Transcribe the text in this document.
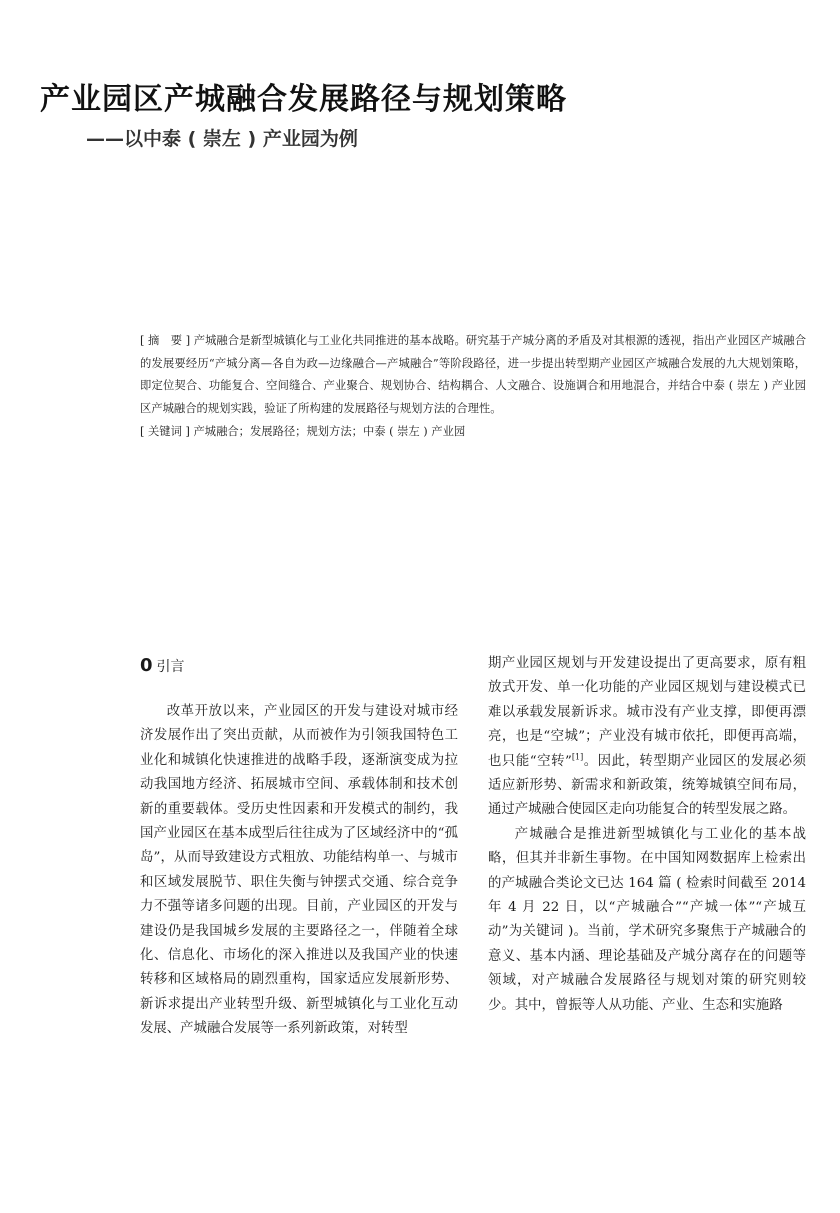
产业园区产城融合发展路径与规划策略
——以中泰 ( 崇左 ) 产业园为例

[ 摘　要 ] 产城融合是新型城镇化与工业化共同推进的基本战略。研究基于产城分离的矛盾及对其根源的透视，指出产业园区产城融合的发展要经历“产城分离—各自为政—边缘融合—产城融合”等阶段路径，进一步提出转型期产业园区产城融合发展的九大规划策略，即定位契合、功能复合、空间缝合、产业聚合、规划协合、结构耦合、人文融合、设施调合和用地混合，并结合中泰 ( 崇左 ) 产业园区产城融合的规划实践，验证了所构建的发展路径与规划方法的合理性。

[ 关键词 ] 产城融合；发展路径；规划方法；中泰 ( 崇左 ) 产业园

0 引言

改革开放以来，产业园区的开发与建设对城市经济发展作出了突出贡献，从而被作为引领我国特色工业化和城镇化快速推进的战略手段，逐渐演变成为拉动我国地方经济、拓展城市空间、承载体制和技术创新的重要载体。受历史性因素和开发模式的制约，我国产业园区在基本成型后往往成为了区域经济中的“孤岛”，从而导致建设方式粗放、功能结构单一、与城市和区域发展脱节、职住失衡与钟摆式交通、综合竞争力不强等诸多问题的出现。目前，产业园区的开发与建设仍是我国城乡发展的主要路径之一，伴随着全球化、信息化、市场化的深入推进以及我国产业的快速转移和区域格局的剧烈重构，国家适应发展新形势、新诉求提出产业转型升级、新型城镇化与工业化互动发展、产城融合发展等一系列新政策，对转型

期产业园区规划与开发建设提出了更高要求，原有粗放式开发、单一化功能的产业园区规划与建设模式已难以承载发展新诉求。城市没有产业支撑，即便再漂亮，也是“空城”；产业没有城市依托，即便再高端，也只能“空转”[1]。因此，转型期产业园区的发展必须适应新形势、新需求和新政策，统筹城镇空间布局，通过产城融合使园区走向功能复合的转型发展之路。

产城融合是推进新型城镇化与工业化的基本战略，但其并非新生事物。在中国知网数据库上检索出的产城融合类论文已达 164 篇 ( 检索时间截至 2014 年 4 月 22 日，以“产城融合”“产城一体”“产城互动”为关键词 )。当前，学术研究多聚焦于产城融合的意义、基本内涵、理论基础及产城分离存在的问题等领域，对产城融合发展路径与规划对策的研究则较少。其中，曾振等人从功能、产业、生态和实施路
